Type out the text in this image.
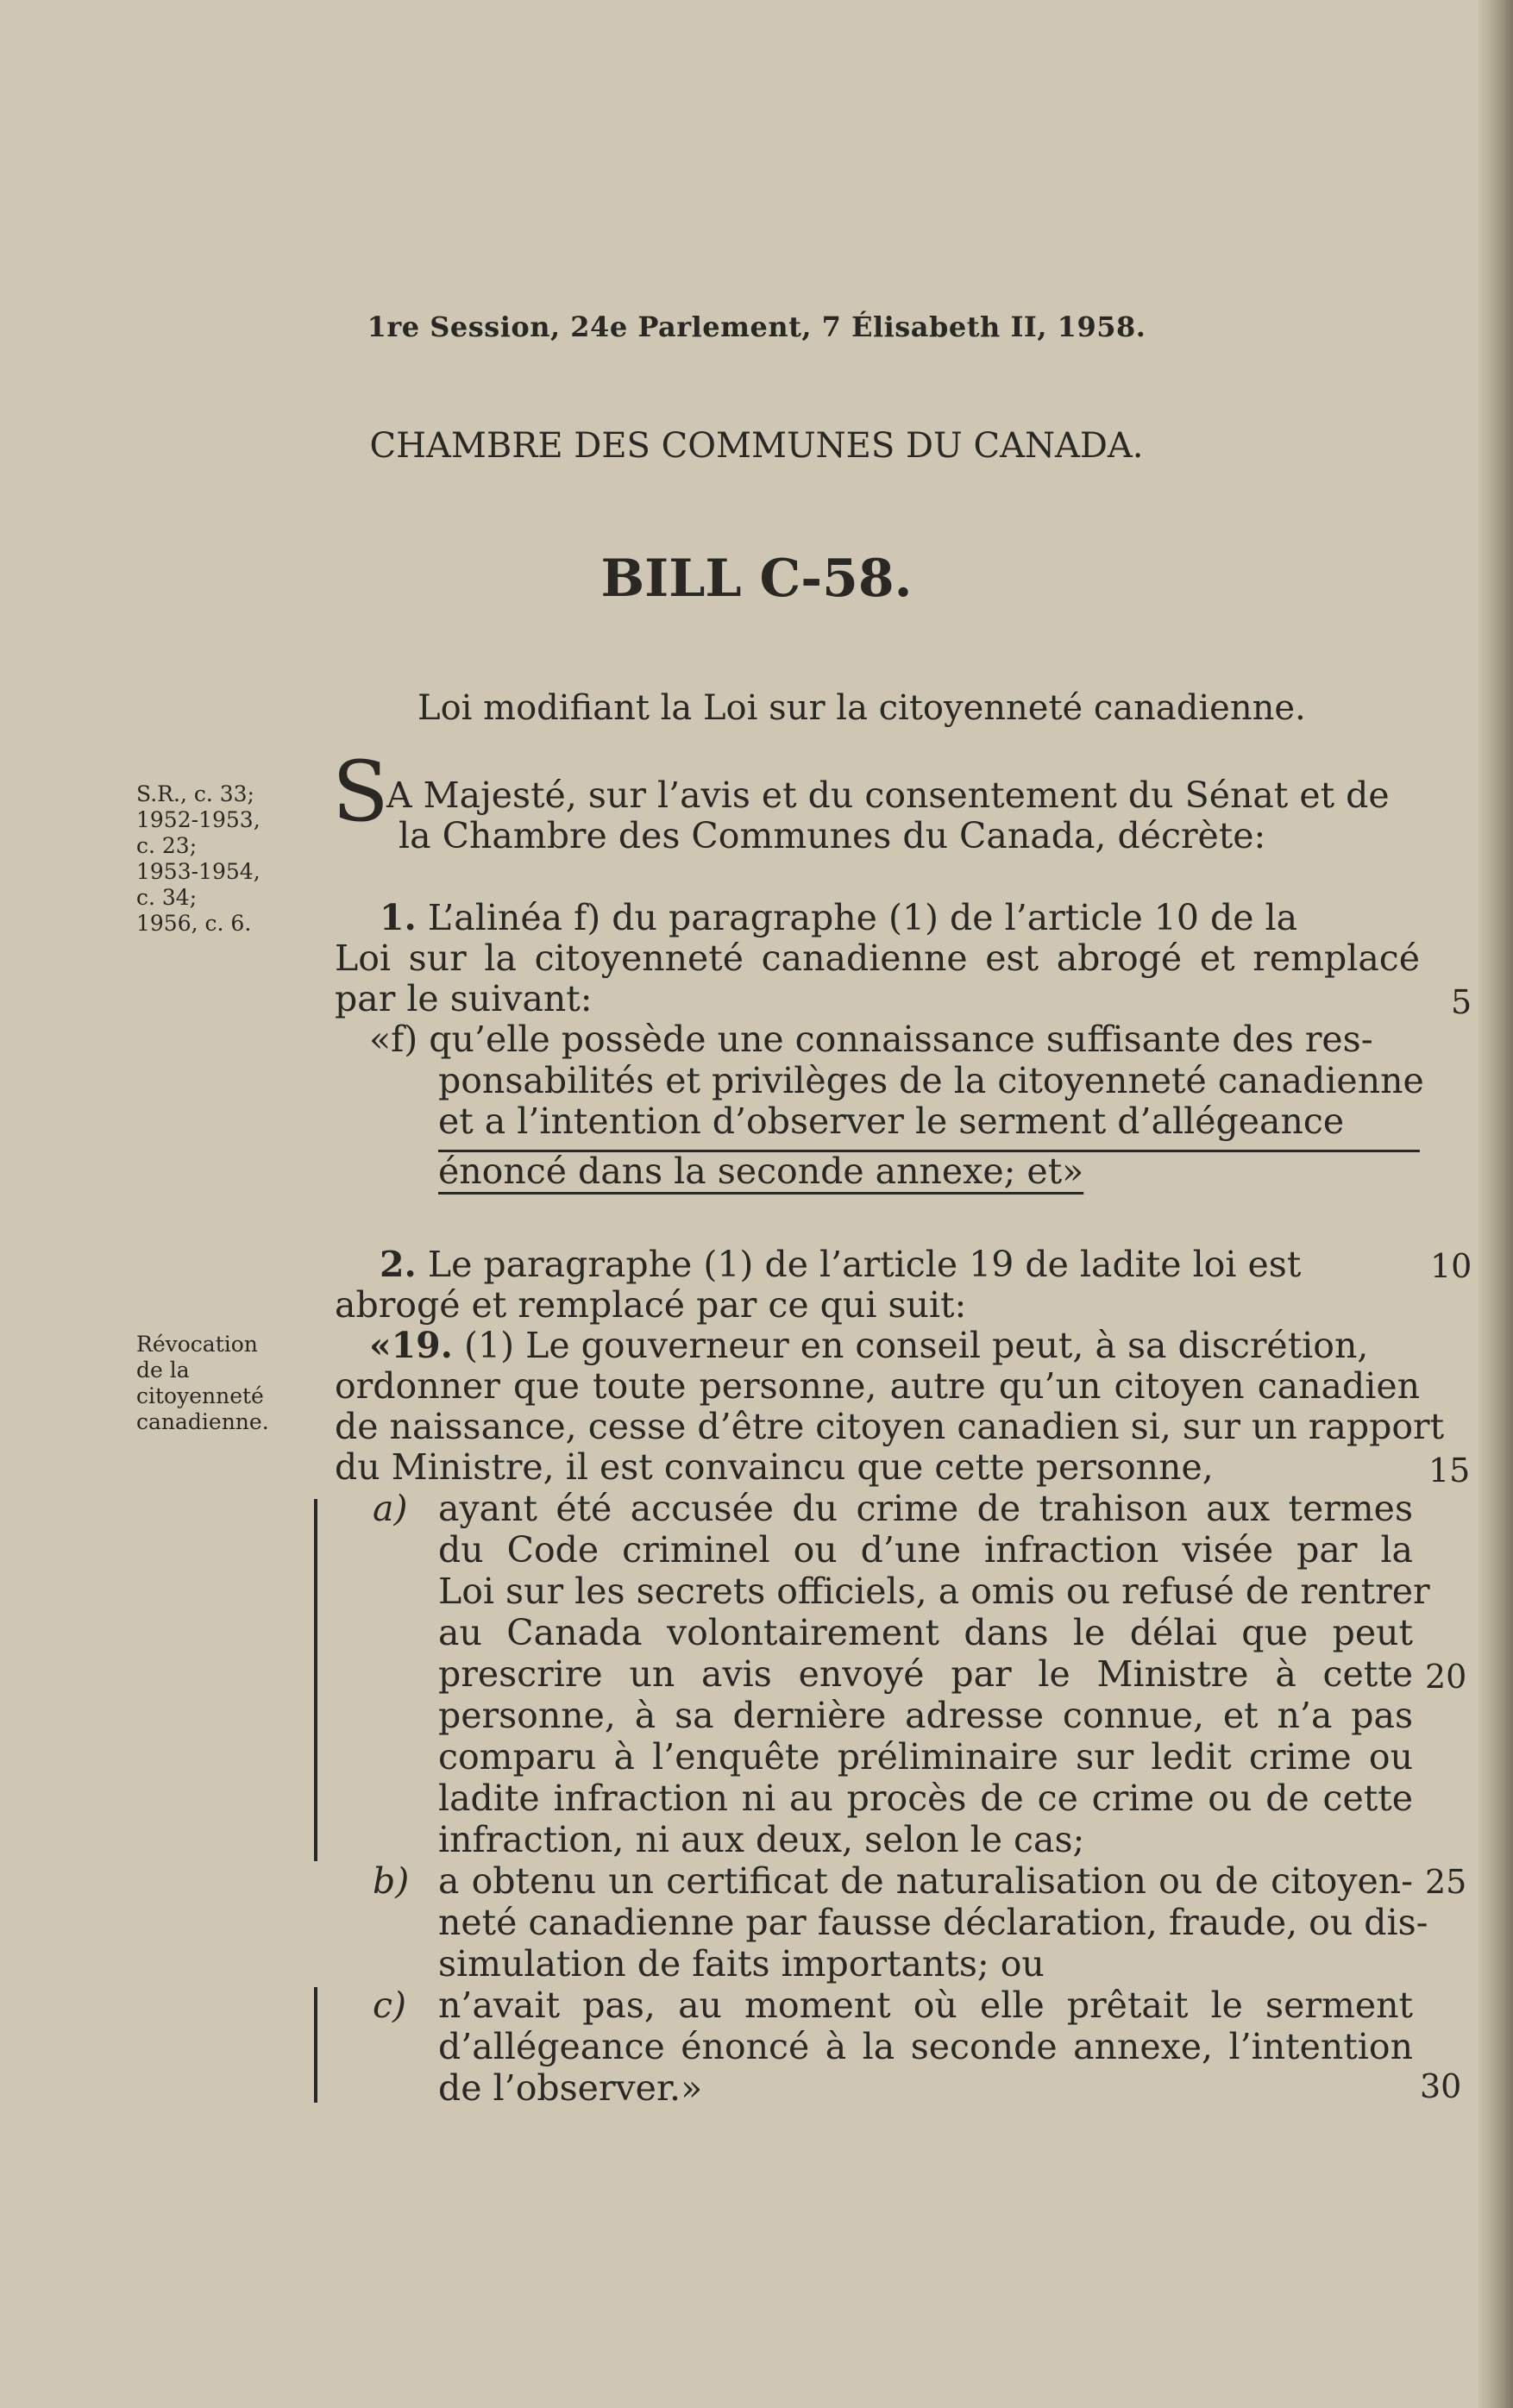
1re Session, 24e Parlement, 7 Élisabeth II, 1958.

CHAMBRE DES COMMUNES DU CANADA.

BILL C-58.

Loi modifiant la Loi sur la citoyenneté canadienne.

S.R., c. 33;
1952-1953,
c. 23;
1953-1954,
c. 34;
1956, c. 6.
Révocation
de la
citoyenneté
canadienne.
S

A Majesté, sur l’avis et du consentement du Sénat et de

la Chambre des Communes du Canada, décrète:

1. L’alinéa f) du paragraphe (1) de l’article 10 de la

Loi sur la citoyenneté canadienne est abrogé et remplacé

par le suivant:

«f) qu’elle possède une connaissance suffisante des res-

ponsabilités et privilèges de la citoyenneté canadienne

et a l’intention d’observer le serment d’allégeance

énoncé dans la seconde annexe; et»

2. Le paragraphe (1) de l’article 19 de ladite loi est

abrogé et remplacé par ce qui suit:

«19. (1) Le gouverneur en conseil peut, à sa discrétion,

ordonner que toute personne, autre qu’un citoyen canadien

de naissance, cesse d’être citoyen canadien si, sur un rapport

du Ministre, il est convaincu que cette personne,

a) ayant été accusée du crime de trahison aux termes

du Code criminel ou d’une infraction visée par la

Loi sur les secrets officiels, a omis ou refusé de rentrer

au Canada volontairement dans le délai que peut

prescrire un avis envoyé par le Ministre à cette

personne, à sa dernière adresse connue, et n’a pas

comparu à l’enquête préliminaire sur ledit crime ou

ladite infraction ni au procès de ce crime ou de cette

infraction, ni aux deux, selon le cas;

b) a obtenu un certificat de naturalisation ou de citoyen-

neté canadienne par fausse déclaration, fraude, ou dis-

simulation de faits importants; ou

c) n’avait pas, au moment où elle prêtait le serment

d’allégeance énoncé à la seconde annexe, l’intention

de l’observer.»

5

10

15

20

25

30
